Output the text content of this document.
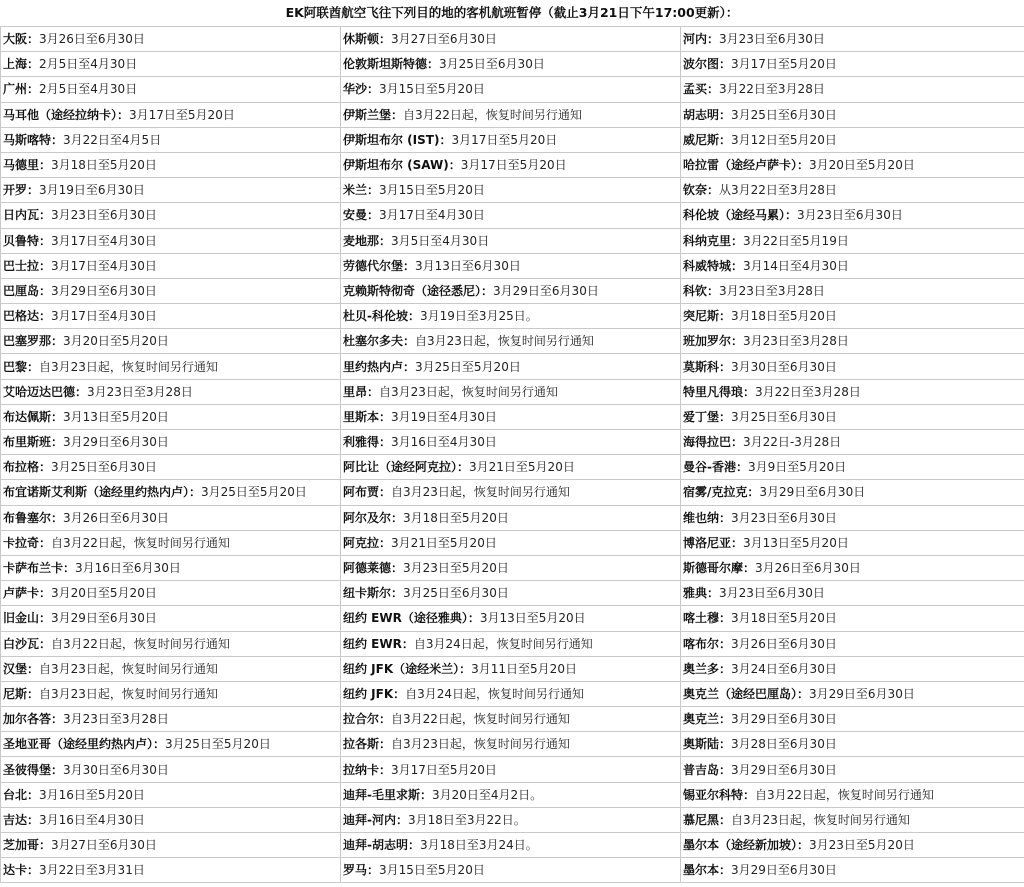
EK阿联酋航空飞往下列目的地的客机航班暂停（截止3月21日下午17:00更新）：
大阪：3月26日至6月30日	休斯顿：3月27日至6月30日	河内：3月23日至6月30日
上海：2月5日至4月30日	伦敦斯坦斯特德：3月25日至6月30日	波尔图：3月17日至5月20日
广州：2月5日至4月30日	华沙：3月15日至5月20日	孟买：3月22日至3月28日
马耳他（途经拉纳卡）：3月17日至5月20日	伊斯兰堡：自3月22日起，恢复时间另行通知	胡志明：3月25日至6月30日
马斯喀特：3月22日至4月5日	伊斯坦布尔 (IST)：3月17日至5月20日	威尼斯：3月12日至5月20日
马德里：3月18日至5月20日	伊斯坦布尔 (SAW)：3月17日至5月20日	哈拉雷（途经卢萨卡）：3月20日至5月20日
开罗：3月19日至6月30日	米兰：3月15日至5月20日	钦奈：从3月22日至3月28日
日内瓦：3月23日至6月30日	安曼：3月17日至4月30日	科伦坡（途经马累）：3月23日至6月30日
贝鲁特：3月17日至4月30日	麦地那：3月5日至4月30日	科纳克里：3月22日至5月19日
巴士拉：3月17日至4月30日	劳德代尔堡：3月13日至6月30日	科威特城：3月14日至4月30日
巴厘岛：3月29日至6月30日	克赖斯特彻奇（途径悉尼）：3月29日至6月30日	科钦：3月23日至3月28日
巴格达：3月17日至4月30日	杜贝-科伦坡：3月19日至3月25日。	突尼斯：3月18日至5月20日
巴塞罗那：3月20日至5月20日	杜塞尔多夫：自3月23日起，恢复时间另行通知	班加罗尔：3月23日至3月28日
巴黎：自3月23日起，恢复时间另行通知	里约热内卢：3月25日至5月20日	莫斯科：3月30日至6月30日
艾哈迈达巴德：3月23日至3月28日	里昂：自3月23日起，恢复时间另行通知	特里凡得琅：3月22日至3月28日
布达佩斯：3月13日至5月20日	里斯本：3月19日至4月30日	爱丁堡：3月25日至6月30日
布里斯班：3月29日至6月30日	利雅得：3月16日至4月30日	海得拉巴：3月22日-3月28日
布拉格：3月25日至6月30日	阿比让（途经阿克拉）：3月21日至5月20日	曼谷-香港：3月9日至5月20日
布宜诺斯艾利斯（途经里约热内卢）：3月25日至5月20日	阿布贾：自3月23日起，恢复时间另行通知	宿雾/克拉克：3月29日至6月30日
布鲁塞尔：3月26日至6月30日	阿尔及尔：3月18日至5月20日	维也纳：3月23日至6月30日
卡拉奇：自3月22日起，恢复时间另行通知	阿克拉：3月21日至5月20日	博洛尼亚：3月13日至5月20日
卡萨布兰卡：3月16日至6月30日	阿德莱德：3月23日至5月20日	斯德哥尔摩：3月26日至6月30日
卢萨卡：3月20日至5月20日	纽卡斯尔：3月25日至6月30日	雅典：3月23日至6月30日
旧金山：3月29日至6月30日	纽约 EWR（途径雅典）：3月13日至5月20日	喀土穆：3月18日至5月20日
白沙瓦：自3月22日起，恢复时间另行通知	纽约 EWR：自3月24日起，恢复时间另行通知	喀布尔：3月26日至6月30日
汉堡：自3月23日起，恢复时间另行通知	纽约 JFK（途经米兰）：3月11日至5月20日	奥兰多：3月24日至6月30日
尼斯：自3月23日起，恢复时间另行通知	纽约 JFK：自3月24日起，恢复时间另行通知	奥克兰（途经巴厘岛）：3月29日至6月30日
加尔各答：3月23日至3月28日	拉合尔：自3月22日起，恢复时间另行通知	奥克兰：3月29日至6月30日
圣地亚哥（途经里约热内卢）：3月25日至5月20日	拉各斯：自3月23日起，恢复时间另行通知	奥斯陆：3月28日至6月30日
圣彼得堡：3月30日至6月30日	拉纳卡：3月17日至5月20日	普吉岛：3月29日至6月30日
台北：3月16日至5月20日	迪拜-毛里求斯：3月20日至4月2日。	锡亚尔科特：自3月22日起，恢复时间另行通知
吉达：3月16日至4月30日	迪拜-河内：3月18日至3月22日。	慕尼黑：自3月23日起，恢复时间另行通知
芝加哥：3月27日至6月30日	迪拜-胡志明：3月18日至3月24日。	墨尔本（途经新加坡）：3月23日至5月20日
达卡：3月22日至3月31日	罗马：3月15日至5月20日	墨尔本：3月29日至6月30日
